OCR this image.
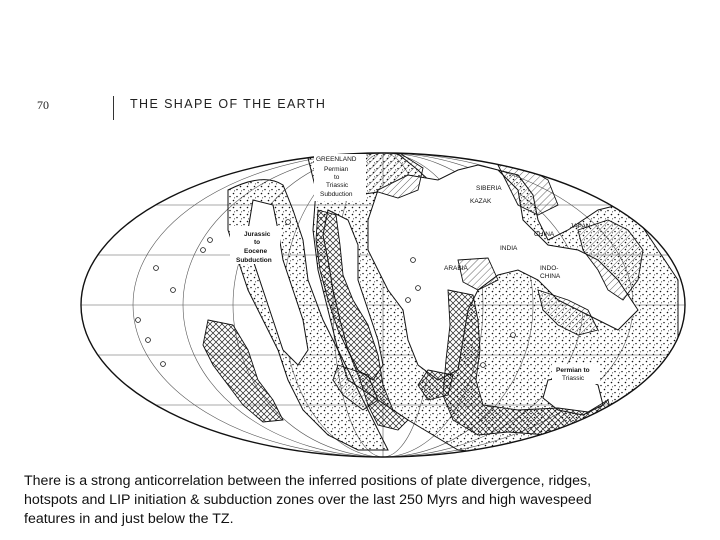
70	THE SHAPE OF THE EARTH
GREENLAND
Permian
to
Triassic
Subduction
SIBERIA
KAZAK
JAPAN
CHINA
INDIA
ARABIA	INDO-
CHINA
Jurassic
to
Eocene
Subduction
Permian to
Triassic
There is a strong anticorrelation between the inferred positions of plate divergence, ridges,
hotspots and LIP initiation & subduction zones over the last 250 Myrs and high wavespeed
features in and just below the TZ.
